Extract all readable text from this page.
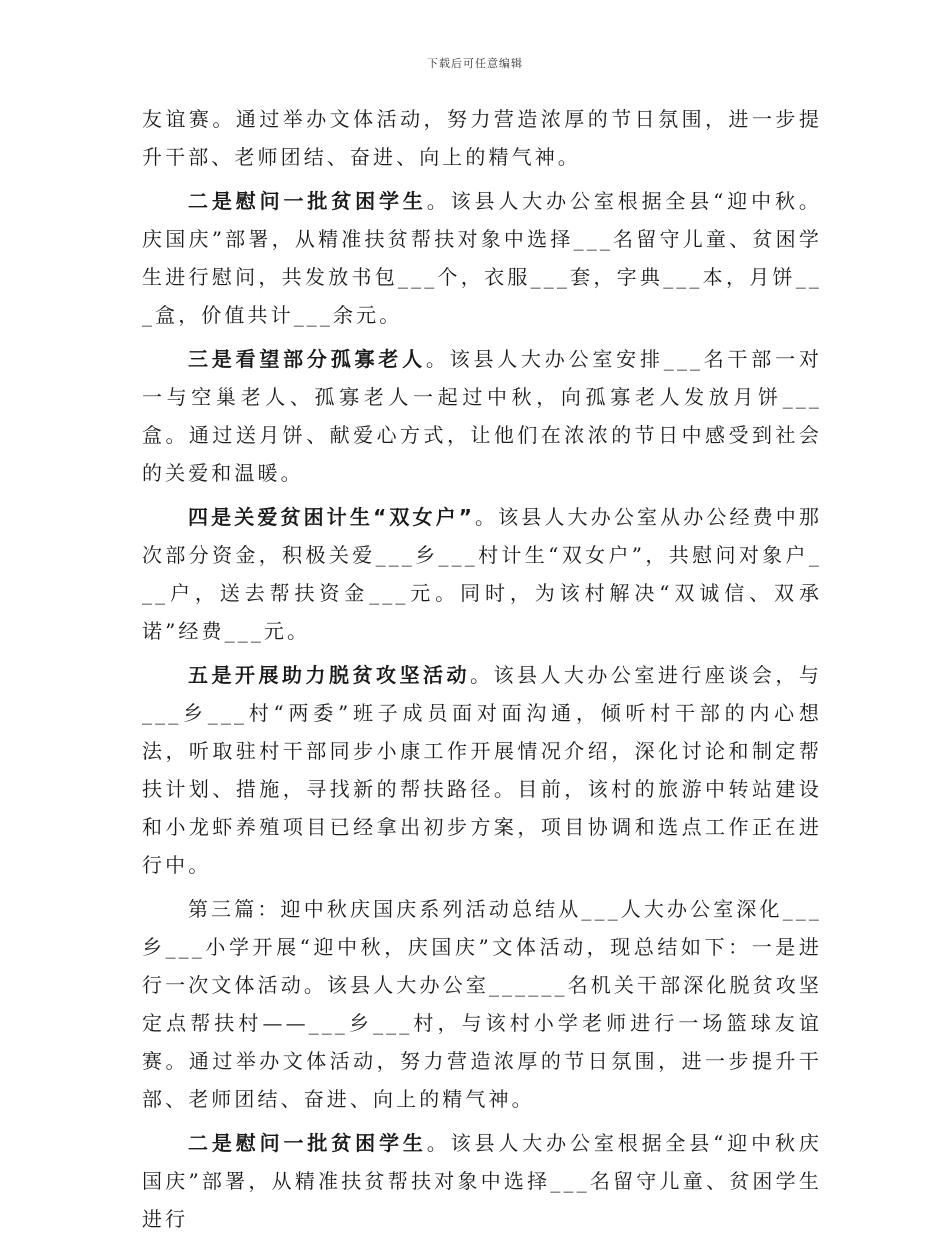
下载后可任意编辑

友谊赛。通过举办文体活动，努力营造浓厚的节日氛围，进一步提升干部、老师团结、奋进、向上的精气神。

二是慰问一批贫困学生。该县人大办公室根据全县“迎中秋。庆国庆”部署，从精准扶贫帮扶对象中选择___名留守儿童、贫困学生进行慰问，共发放书包___个，衣服___套，字典___本，月饼___盒，价值共计___余元。

三是看望部分孤寡老人。该县人大办公室安排___名干部一对一与空巢老人、孤寡老人一起过中秋，向孤寡老人发放月饼___盒。通过送月饼、献爱心方式，让他们在浓浓的节日中感受到社会的关爱和温暖。

四是关爱贫困计生“双女户”。该县人大办公室从办公经费中那次部分资金，积极关爱___乡___村计生“双女户”，共慰问对象户___户，送去帮扶资金___元。同时，为该村解决“双诚信、双承诺”经费___元。

五是开展助力脱贫攻坚活动。该县人大办公室进行座谈会，与___乡___村“两委”班子成员面对面沟通，倾听村干部的内心想法，听取驻村干部同步小康工作开展情况介绍，深化讨论和制定帮扶计划、措施，寻找新的帮扶路径。目前，该村的旅游中转站建设和小龙虾养殖项目已经拿出初步方案，项目协调和选点工作正在进行中。

第三篇：迎中秋庆国庆系列活动总结从___人大办公室深化___乡___小学开展“迎中秋，庆国庆”文体活动，现总结如下：一是进行一次文体活动。该县人大办公室______名机关干部深化脱贫攻坚定点帮扶村——___乡___村，与该村小学老师进行一场篮球友谊赛。通过举办文体活动，努力营造浓厚的节日氛围，进一步提升干部、老师团结、奋进、向上的精气神。

二是慰问一批贫困学生。该县人大办公室根据全县“迎中秋庆国庆”部署，从精准扶贫帮扶对象中选择___名留守儿童、贫困学生进行
